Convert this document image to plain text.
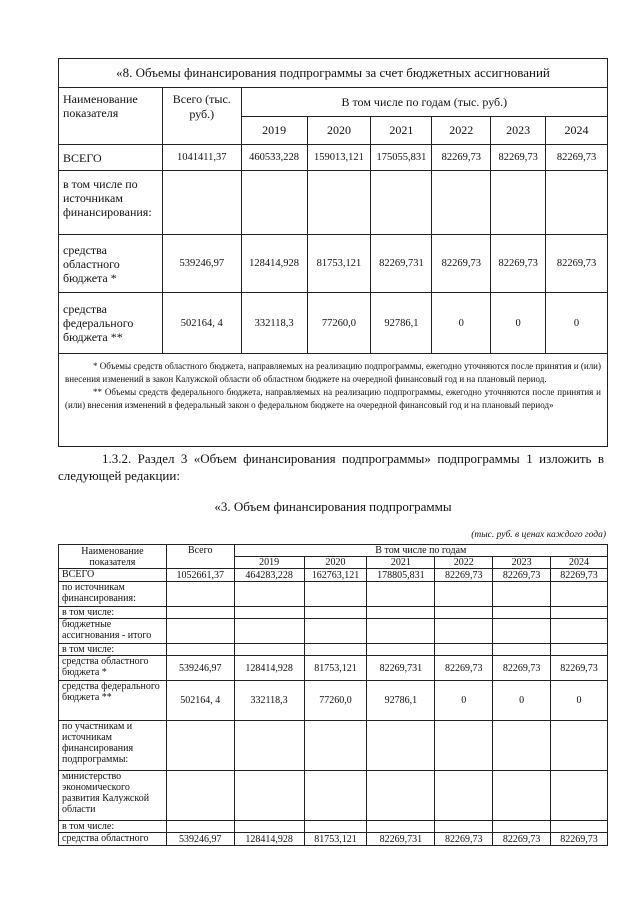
«8. Объемы финансирования подпрограммы за счет бюджетных ассигнований							
Наименование показателя	Всего (тыс. руб.)	В том числе по годам (тыс. руб.)					
		2019	2020	2021	2022	2023	2024
ВСЕГО	1041411,37	460533,228	159013,121	175055,831	82269,73	82269,73	82269,73
в том числе по источникам финансирования:							
средства областного бюджета *	539246,97	128414,928	81753,121	82269,731	82269,73	82269,73	82269,73
средства федерального бюджета **	502164, 4	332118,3	77260,0	92786,1	0	0	0

* Объемы средств областного бюджета, направляемых на реализацию подпрограммы, ежегодно уточняются после принятия и (или) внесения изменений в закон Калужской области об областном бюджете на очередной финансовый год и на плановый период.

** Объемы средств федерального бюджета, направляемых на реализацию подпрограммы, ежегодно уточняются после принятия и (или) внесения изменений в федеральный закон о федеральном бюджете на очередной финансовый год и на плановый период»							

1.3.2. Раздел 3 «Объем финансирования подпрограммы» подпрограммы 1 изложить в следующей редакции:

«3. Объем финансирования подпрограммы

(тыс. руб. в ценах каждого года)

Наименование показателя	Всего	В том числе по годам					
		2019	2020	2021	2022	2023	2024
ВСЕГО	1052661,37	464283,228	162763,121	178805,831	82269,73	82269,73	82269,73
по источникам финансирования:							
в том числе:							
бюджетные ассигнования - итого							
в том числе:							
средства областного бюджета *	539246,97	128414,928	81753,121	82269,731	82269,73	82269,73	82269,73
средства федерального бюджета **	502164, 4	332118,3	77260,0	92786,1	0	0	0
по участникам и источникам финансирования подпрограммы:							
министерство экономического развития Калужской области							
в том числе:							
средства областного	539246,97	128414,928	81753,121	82269,731	82269,73	82269,73	82269,73
